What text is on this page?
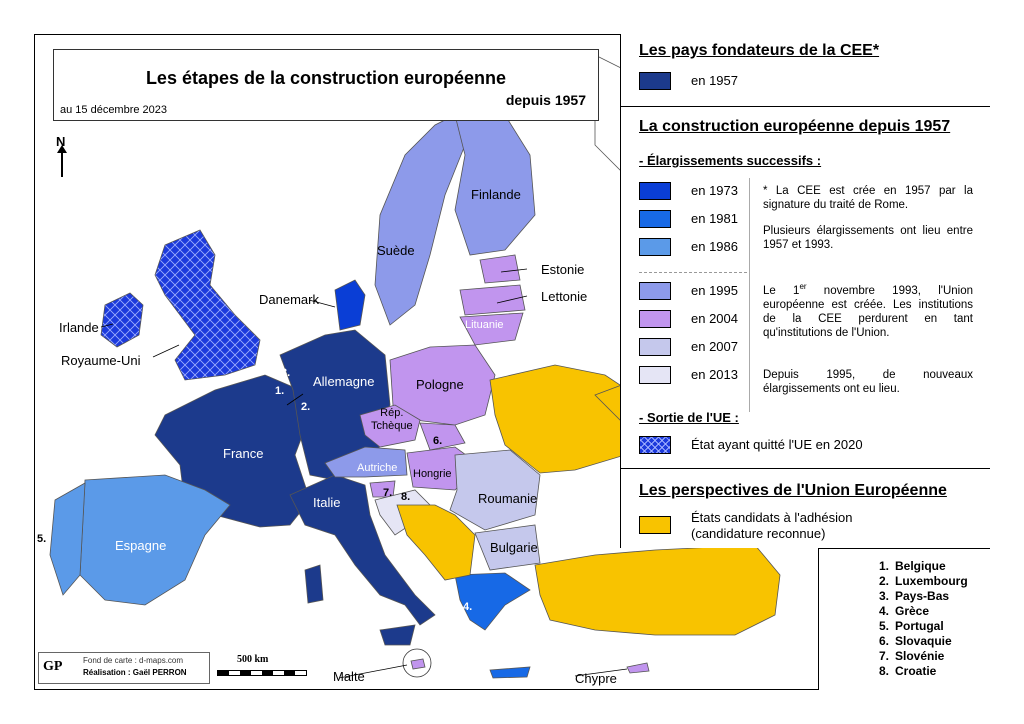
Les étapes de la construction européenne
depuis 1957
au 15 décembre 2023
N
Irlande
Royaume-Uni
Danemark
Suède
Finlande
Estonie
Lettonie
Lituanie
Pologne
Allemagne
France
Rép.
Tchèque
Autriche Hongrie
Roumanie
Bulgarie
Italie
Espagne
Malte	Chypre
1.
2.
3.
4.
5.
6.
7. 8.
Les pays fondateurs de la CEE*
en 1957
La construction européenne depuis 1957
- Élargissements successifs :
en 1973
en 1981
en 1986
en 1995
en 2004
en 2007
en 2013
* La CEE est crée en 1957 par la signature du traité de Rome.
Plusieurs élargissements ont lieu entre 1957 et 1993.
Le 1er novembre 1993, l'Union européenne est créée. Les institutions de la CEE perdurent en tant qu'institutions de l'Union.
Depuis 1995, de nouveaux élargissements ont eu lieu.
- Sortie de l'UE :
État ayant quitté l'UE en 2020
Les perspectives de l'Union Européenne
États candidats à l'adhésion
(candidature reconnue)
1. Belgique
2. Luxembourg
3. Pays-Bas
4. Grèce
5. Portugal
6. Slovaquie
7. Slovénie
8. Croatie
GP	Fond de carte : d-maps.com
Réalisation : Gaël PERRON
500 km
